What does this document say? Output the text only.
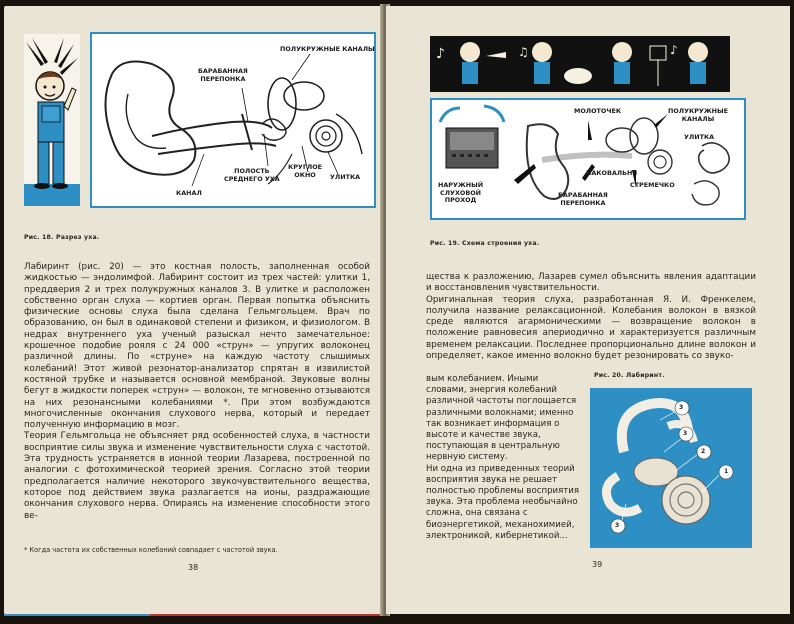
ПОЛУКРУЖНЫЕ КАНАЛЫ
БАРАБАННАЯ
ПЕРЕПОНКА
ПОЛОСТЬ
СРЕДНЕГО УХА
КРУГЛОЕ
ОКНО	УЛИТКА
КАНАЛ
Рис. 18. Разрез уха.

Лабиринт (рис. 20) — это костная полость, заполненная особой жидкостью — эндолимфой. Лабиринт состоит из трех частей: улитки 1, преддверия 2 и трех полукружных каналов 3. В улитке и расположен собственно орган слуха — кортиев орган. Первая попытка объяснить физические основы слуха была сделана Гельмгольцем. Врач по образованию, он был в одинаковой степени и физиком, и физиологом. В недрах внутреннего уха ученый разыскал нечто замечательное: крошечное подобие рояля с 24 000 «струн» — упругих волоконец различной длины. По «струне» на каждую частоту слышимых колебаний! Этот живой резонатор-анализатор спрятан в извилистой костяной трубке и называется основной мембраной. Звуковые волны бегут в жидкости поперек «струн» — волокон, те мгновенно отзываются на них резонансными колебаниями *. При этом возбуждаются многочисленные окончания слухового нерва, который и передает полученную информацию в мозг.

Теория Гельмгольца не объясняет ряд особенностей слуха, в частности восприятие силы звука и изменение чувствительности слуха с частотой. Эта трудность устраняется в ионной теории Лазарева, построенной по аналогии с фотохимической теорией зрения. Согласно этой теории предполагается наличие некоторого звукочувствительного вещества, которое под действием звука разлагается на ионы, раздражающие окончания слухового нерва. Опираясь на изменение способности этого ве-

* Когда частота их собственных колебаний совпадает с частотой звука.
38
♪	♫	♪
МОЛОТОЧЕК	ПОЛУКРУЖНЫЕ
КАНАЛЫ
УЛИТКА
НАКОВАЛЬНЯ
СТРЕМЕЧКО
НАРУЖНЫЙ
СЛУХОВОЙ
ПРОХОД
БАРАБАННАЯ
ПЕРЕПОНКА
Рис. 19. Схема строения уха.

щества к разложению, Лазарев сумел объяснить явления адаптации и восстановления чувствительности.

Оригинальная теория слуха, разработанная Я. И. Френкелем, получила название релаксационной. Колебания волокон в вязкой среде являются агармоническими — возвращение волокон в положение равновесия апериодично и характеризуется различным временем релаксации. Последнее пропорционально длине волокон и определяет, какое именно волокно будет резонировать со звуко-

Рис. 20. Лабиринт.

вым колебанием. Иными словами, энергия колебаний различной частоты поглощается различными волокнами; именно так возникает информация о высоте и качестве звука, поступающая в центральную нервную систему.

Ни одна из приведенных теорий восприятия звука не решает полностью проблемы восприятия звука. Эта проблема необычайно сложна, она связана с биоэнергетикой, механохимией, электроникой, кибернетикой...

3
3
2
1
3
39
